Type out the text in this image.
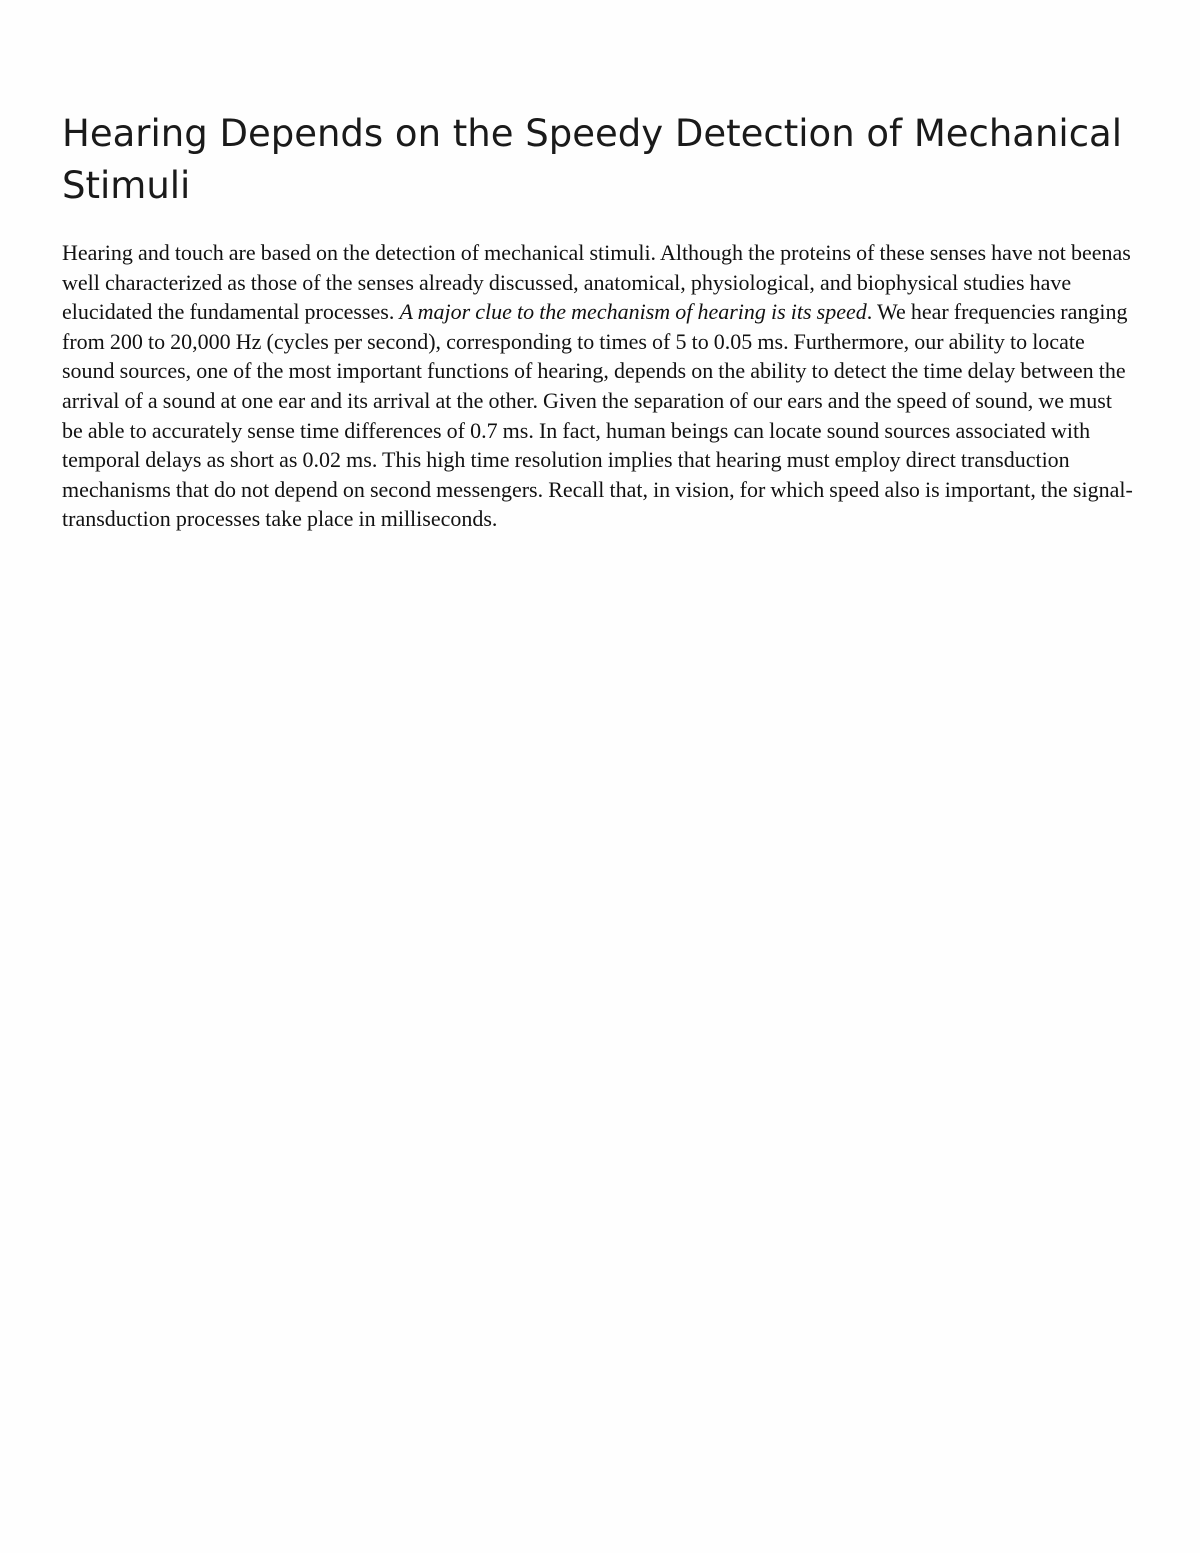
Hearing Depends on the Speedy Detection of Mechanical Stimuli

Hearing and touch are based on the detection of mechanical stimuli. Although the proteins of these senses have not beenas well characterized as those of the senses already discussed, anatomical, physiological, and biophysical studies have elucidated the fundamental processes. A major clue to the mechanism of hearing is its speed. We hear frequencies ranging from 200 to 20,000 Hz (cycles per second), corresponding to times of 5 to 0.05 ms. Furthermore, our ability to locate sound sources, one of the most important functions of hearing, depends on the ability to detect the time delay between the arrival of a sound at one ear and its arrival at the other. Given the separation of our ears and the speed of sound, we must be able to accurately sense time differences of 0.7 ms. In fact, human beings can locate sound sources associated with temporal delays as short as 0.02 ms. This high time resolution implies that hearing must employ direct transduction mechanisms that do not depend on second messengers. Recall that, in vision, for which speed also is important, the signal-transduction processes take place in milliseconds.
